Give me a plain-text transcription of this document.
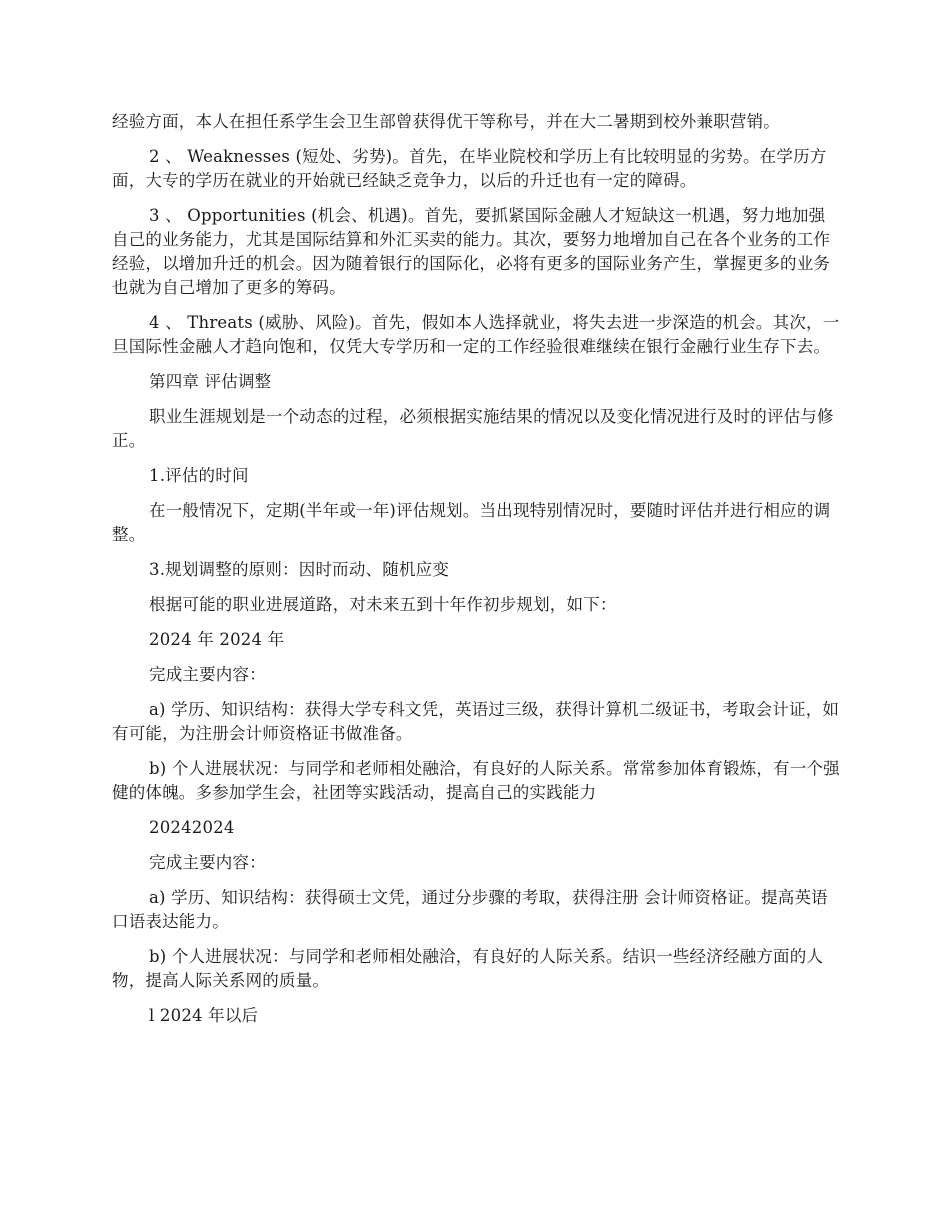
经验方面，本人在担任系学生会卫生部曾获得优干等称号，并在大二暑期到校外兼职营销。

2 、 Weaknesses (短处、劣势)。首先，在毕业院校和学历上有比较明显的劣势。在学历方面，大专的学历在就业的开始就已经缺乏竞争力，以后的升迁也有一定的障碍。

3 、 Opportunities (机会、机遇)。首先，要抓紧国际金融人才短缺这一机遇，努力地加强自己的业务能力，尤其是国际结算和外汇买卖的能力。其次，要努力地增加自己在各个业务的工作经验，以增加升迁的机会。因为随着银行的国际化，必将有更多的国际业务产生，掌握更多的业务也就为自己增加了更多的筹码。

4 、 Threats (威胁、风险)。首先，假如本人选择就业，将失去进一步深造的机会。其次，一旦国际性金融人才趋向饱和，仅凭大专学历和一定的工作经验很难继续在银行金融行业生存下去。

第四章 评估调整

职业生涯规划是一个动态的过程，必须根据实施结果的情况以及变化情况进行及时的评估与修正。

1.评估的时间

在一般情况下，定期(半年或一年)评估规划。当出现特别情况时，要随时评估并进行相应的调整。

3.规划调整的原则：因时而动、随机应变

根据可能的职业进展道路，对未来五到十年作初步规划，如下：

2024 年 2024 年

完成主要内容：

a) 学历、知识结构：获得大学专科文凭，英语过三级，获得计算机二级证书，考取会计证，如有可能，为注册会计师资格证书做准备。

b) 个人进展状况：与同学和老师相处融洽，有良好的人际关系。常常参加体育锻炼，有一个强健的体魄。多参加学生会，社团等实践活动，提高自己的实践能力

20242024

完成主要内容：

a) 学历、知识结构：获得硕士文凭，通过分步骤的考取，获得注册 会计师资格证。提高英语口语表达能力。

b) 个人进展状况：与同学和老师相处融洽，有良好的人际关系。结识一些经济经融方面的人物，提高人际关系网的质量。

l 2024 年以后
